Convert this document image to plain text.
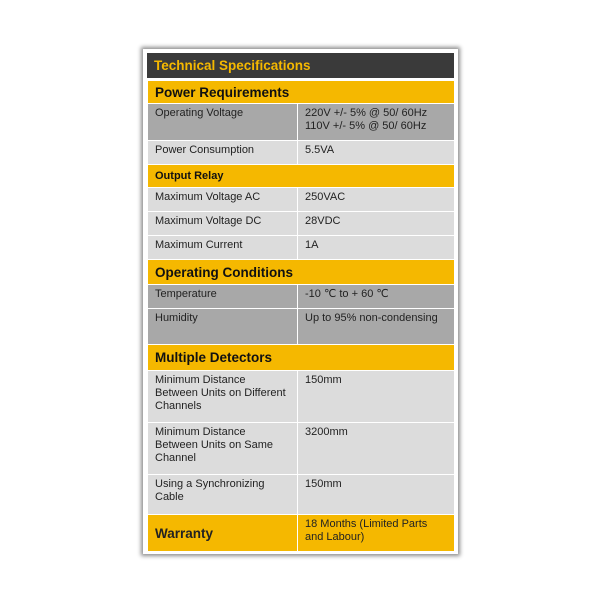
Technical Specifications
Power Requirements	
Operating Voltage	220V +/- 5% @ 50/ 60Hz
110V +/- 5% @ 50/ 60Hz

Power Consumption	5.5VA
Output Relay	
Maximum Voltage AC	250VAC
Maximum Voltage DC	28VDC
Maximum Current	1A
Operating Conditions	
Temperature	-10 ℃ to + 60 ℃
Humidity	Up to 95% non-condensing
Multiple Detectors	
Minimum Distance Between Units on Different Channels	150mm
Minimum Distance Between Units on Same Channel	3200mm
Using a Synchronizing Cable	150mm
Warranty	18 Months (Limited Parts and Labour)
